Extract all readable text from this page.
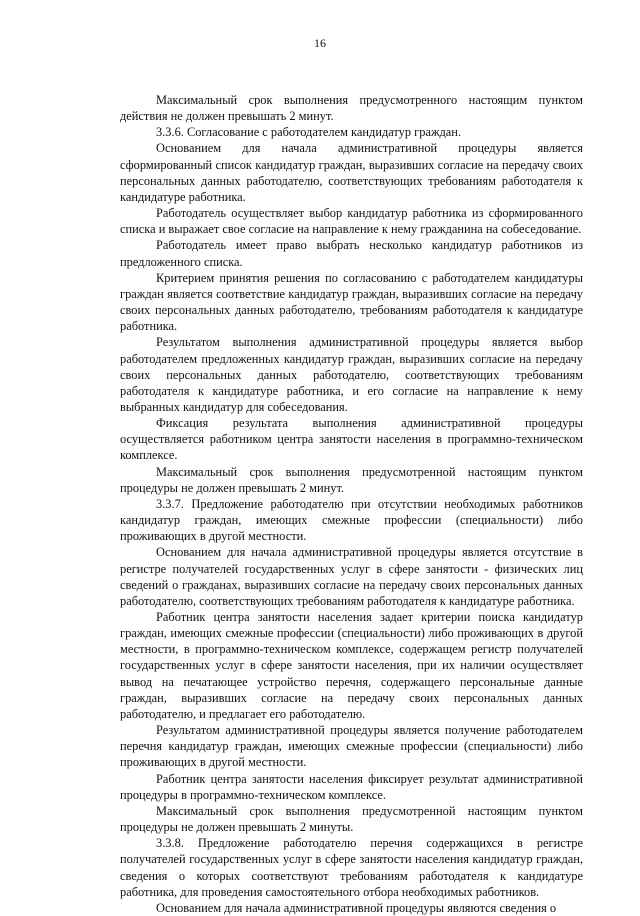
16

Максимальный срок выполнения предусмотренного настоящим пунктом действия не должен превышать 2 минут.

3.3.6. Согласование с работодателем кандидатур граждан.

Основанием для начала административной процедуры является сформированный список кандидатур граждан, выразивших согласие на передачу своих персональных данных работодателю, соответствующих требованиям работодателя к кандидатуре работника.

Работодатель осуществляет выбор кандидатур работника из сформированного списка и выражает свое согласие на направление к нему гражданина на собеседование.

Работодатель имеет право выбрать несколько кандидатур работников из предложенного списка.

Критерием принятия решения по согласованию с работодателем кандидатуры граждан является соответствие кандидатур граждан, выразивших согласие на передачу своих персональных данных работодателю, требованиям работодателя к кандидатуре работника.

Результатом выполнения административной процедуры является выбор работодателем предложенных кандидатур граждан, выразивших согласие на передачу своих персональных данных работодателю, соответствующих требованиям работодателя к кандидатуре работника, и его согласие на направление к нему выбранных кандидатур для собеседования.

Фиксация результата выполнения административной процедуры осуществляется работником центра занятости населения в программно-техническом комплексе.

Максимальный срок выполнения предусмотренной настоящим пунктом процедуры не должен превышать 2 минут.

3.3.7. Предложение работодателю при отсутствии необходимых работников кандидатур граждан, имеющих смежные профессии (специальности) либо проживающих в другой местности.

Основанием для начала административной процедуры является отсутствие в регистре получателей государственных услуг в сфере занятости - физических лиц сведений о гражданах, выразивших согласие на передачу своих персональных данных работодателю, соответствующих требованиям работодателя к кандидатуре работника.

Работник центра занятости населения задает критерии поиска кандидатур граждан, имеющих смежные профессии (специальности) либо проживающих в другой местности, в программно-техническом комплексе, содержащем регистр получателей государственных услуг в сфере занятости населения, при их наличии осуществляет вывод на печатающее устройство перечня, содержащего персональные данные граждан, выразивших согласие на передачу своих персональных данных работодателю, и предлагает его работодателю.

Результатом административной процедуры является получение работодателем перечня кандидатур граждан, имеющих смежные профессии (специальности) либо проживающих в другой местности.

Работник центра занятости населения фиксирует результат административной процедуры в программно-техническом комплексе.

Максимальный срок выполнения предусмотренной настоящим пунктом процедуры не должен превышать 2 минуты.

3.3.8. Предложение работодателю перечня содержащихся в регистре получателей государственных услуг в сфере занятости населения кандидатур граждан, сведения о которых соответствуют требованиям работодателя к кандидатуре работника, для проведения самостоятельного отбора необходимых работников.

Основанием для начала административной процедуры являются сведения о
